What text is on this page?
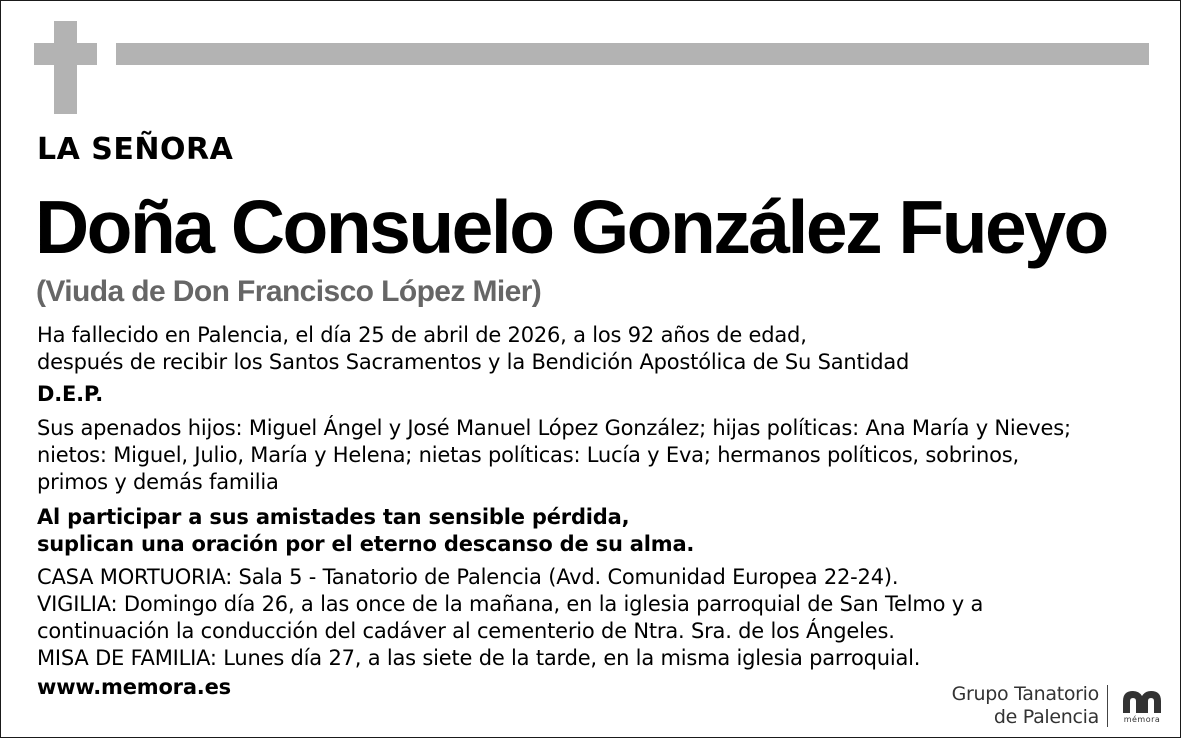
LA SEÑORA
Doña Consuelo González Fueyo
(Viuda de Don Francisco López Mier)
Ha fallecido en Palencia, el día 25 de abril de 2026, a los 92 años de edad,
después de recibir los Santos Sacramentos y la Bendición Apostólica de Su Santidad
D.E.P.
Sus apenados hijos: Miguel Ángel y José Manuel López González; hijas políticas: Ana María y Nieves;
nietos: Miguel, Julio, María y Helena; nietas políticas: Lucía y Eva; hermanos políticos, sobrinos,
primos y demás familia
Al participar a sus amistades tan sensible pérdida,
suplican una oración por el eterno descanso de su alma.
CASA MORTUORIA: Sala 5 - Tanatorio de Palencia (Avd. Comunidad Europea 22-24).
VIGILIA: Domingo día 26, a las once de la mañana, en la iglesia parroquial de San Telmo y a
continuación la conducción del cadáver al cementerio de Ntra. Sra. de los Ángeles.
MISA DE FAMILIA: Lunes día 27, a las siete de la tarde, en la misma iglesia parroquial.
www.memora.es	Grupo Tanatorio
de Palencia	mémora
